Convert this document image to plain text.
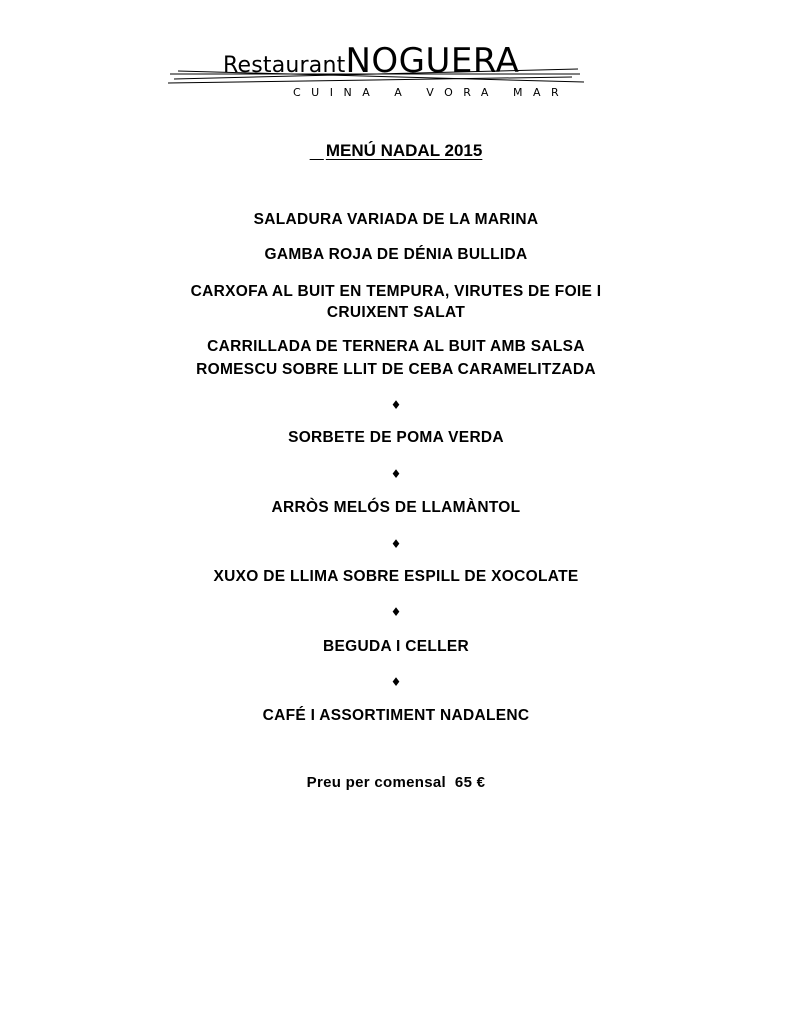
RestaurantNOGUERA
CUINA A VORA MAR
MENÚ NADAL 2015
SALADURA VARIADA DE LA MARINA
GAMBA ROJA DE DÉNIA BULLIDA
CARXOFA AL BUIT EN TEMPURA, VIRUTES DE FOIE I
CRUIXENT SALAT
CARRILLADA DE TERNERA AL BUIT AMB SALSA
ROMESCU SOBRE LLIT DE CEBA CARAMELITZADA
♦
SORBETE DE POMA VERDA
♦
ARRÒS MELÓS DE LLAMÀNTOL
♦
XUXO DE LLIMA SOBRE ESPILL DE XOCOLATE
♦
BEGUDA I CELLER
♦
CAFÉ I ASSORTIMENT NADALENC
Preu per comensal 65 €
